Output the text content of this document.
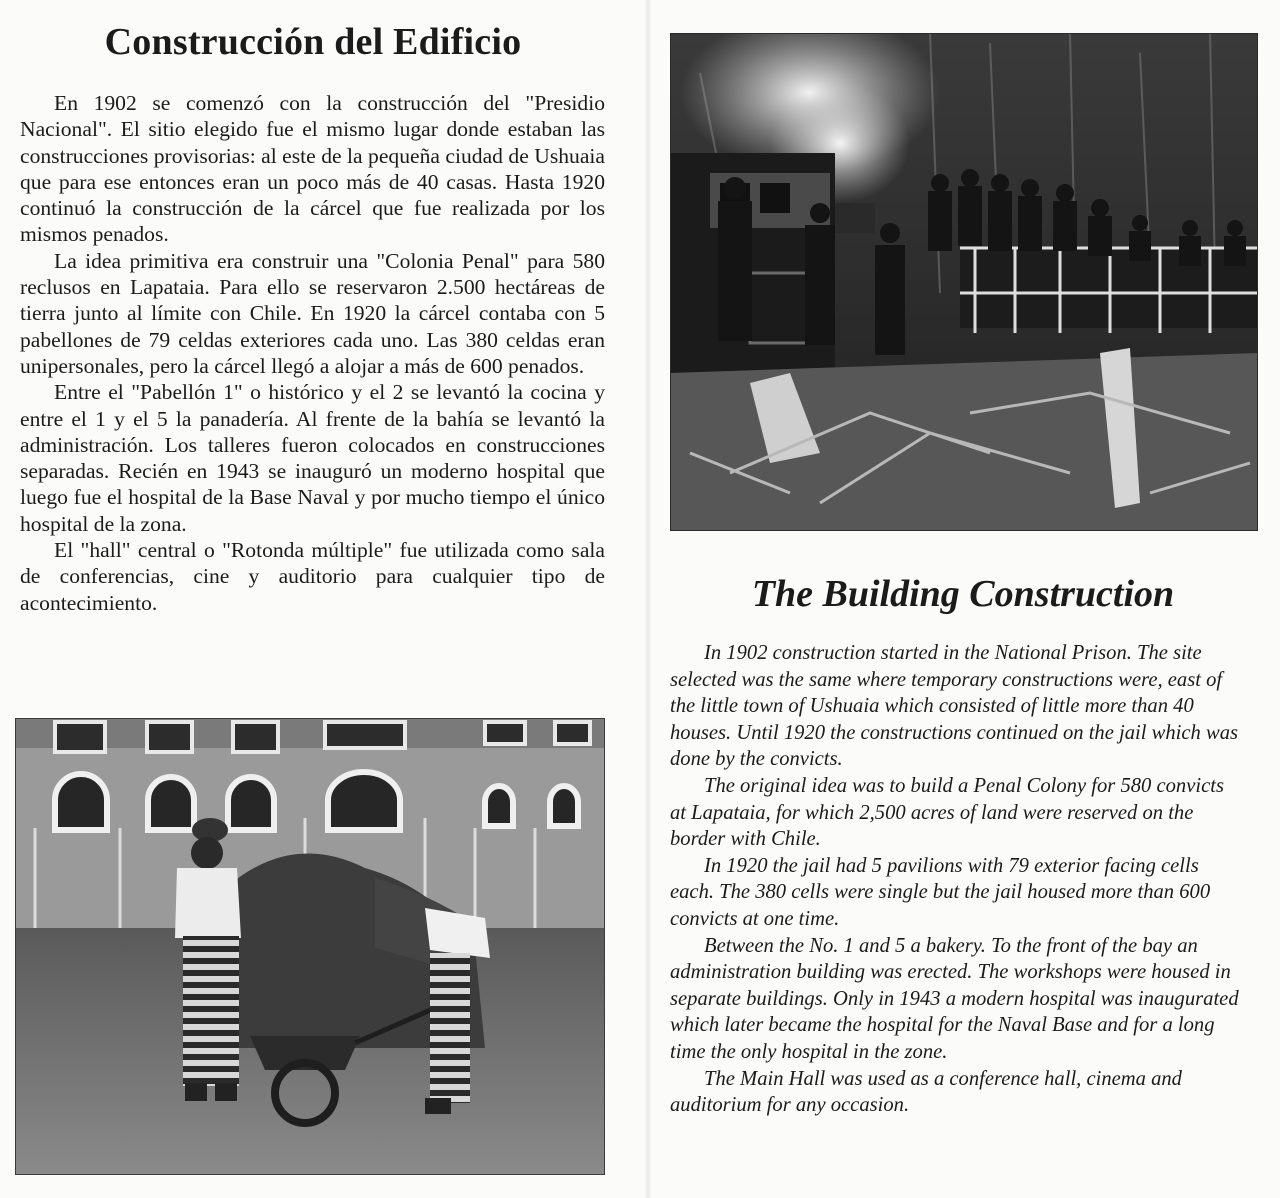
Construcción del Edificio

En 1902 se comenzó con la construcción del "Presidio Nacional". El sitio elegido fue el mismo lugar donde estaban las construcciones provisorias: al este de la pequeña ciudad de Ushuaia que para ese entonces eran un poco más de 40 casas. Hasta 1920 continuó la construcción de la cárcel que fue realizada por los mismos penados.

La idea primitiva era construir una "Colonia Penal" para 580 reclusos en Lapataia. Para ello se reservaron 2.500 hectáreas de tierra junto al límite con Chile. En 1920 la cárcel contaba con 5 pabellones de 79 celdas exteriores cada uno. Las 380 celdas eran unipersonales, pero la cárcel llegó a alojar a más de 600 penados.

Entre el "Pabellón 1" o histórico y el 2 se levantó la cocina y entre el 1 y el 5 la panadería. Al frente de la bahía se levantó la administración. Los talleres fueron colocados en construcciones separadas. Recién en 1943 se inauguró un moderno hospital que luego fue el hospital de la Base Naval y por mucho tiempo el único hospital de la zona.

El "hall" central o "Rotonda múltiple" fue utilizada como sala de conferencias, cine y auditorio para cualquier tipo de acontecimiento.	The Building Construction

In 1902 construction started in the National Prison. The site selected was the same where temporary constructions were, east of the little town of Ushuaia which consisted of little more than 40 houses. Until 1920 the constructions continued on the jail which was done by the convicts.

The original idea was to build a Penal Colony for 580 convicts at Lapataia, for which 2,500 acres of land were reserved on the border with Chile.

In 1920 the jail had 5 pavilions with 79 exterior facing cells each. The 380 cells were single but the jail housed more than 600 convicts at one time.

Between the No. 1 and 5 a bakery. To the front of the bay an administration building was erected. The workshops were housed in separate buildings. Only in 1943 a modern hospital was inaugurated which later became the hospital for the Naval Base and for a long time the only hospital in the zone.

The Main Hall was used as a conference hall, cinema and auditorium for any occasion.
